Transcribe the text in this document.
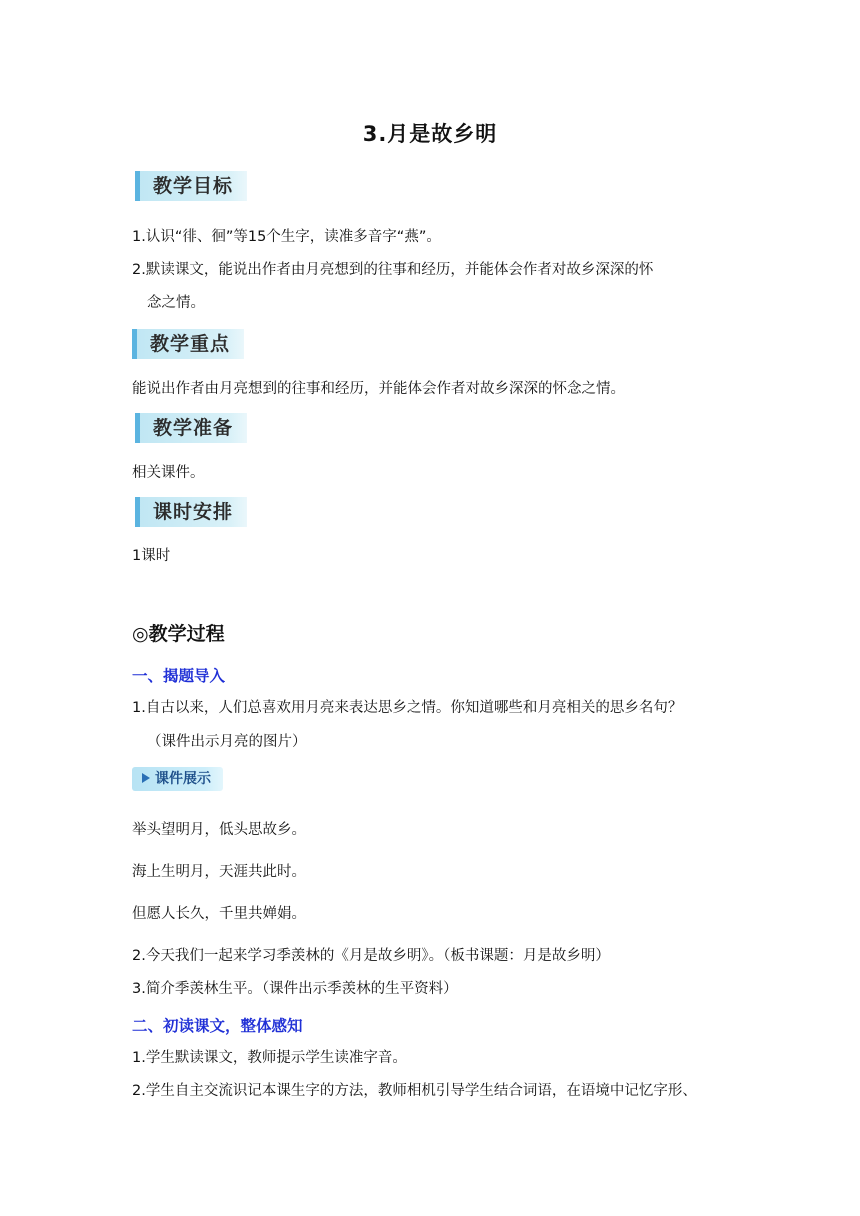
3.月是故乡明
教学目标
1.认识“徘、徊”等15个生字，读准多音字“燕”。
2.默读课文，能说出作者由月亮想到的往事和经历，并能体会作者对故乡深深的怀
念之情。
教学重点
能说出作者由月亮想到的往事和经历，并能体会作者对故乡深深的怀念之情。
教学准备
相关课件。
课时安排
1课时
◎教学过程
一、揭题导入
1.自古以来，人们总喜欢用月亮来表达思乡之情。你知道哪些和月亮相关的思乡名句？
（课件出示月亮的图片）
课件展示
举头望明月，低头思故乡。
海上生明月，天涯共此时。
但愿人长久，千里共婵娟。
2.今天我们一起来学习季羡林的《月是故乡明》。（板书课题：月是故乡明）
3.简介季羡林生平。（课件出示季羡林的生平资料）
二、初读课文，整体感知
1.学生默读课文，教师提示学生读准字音。
2.学生自主交流识记本课生字的方法，教师相机引导学生结合词语，在语境中记忆字形、
